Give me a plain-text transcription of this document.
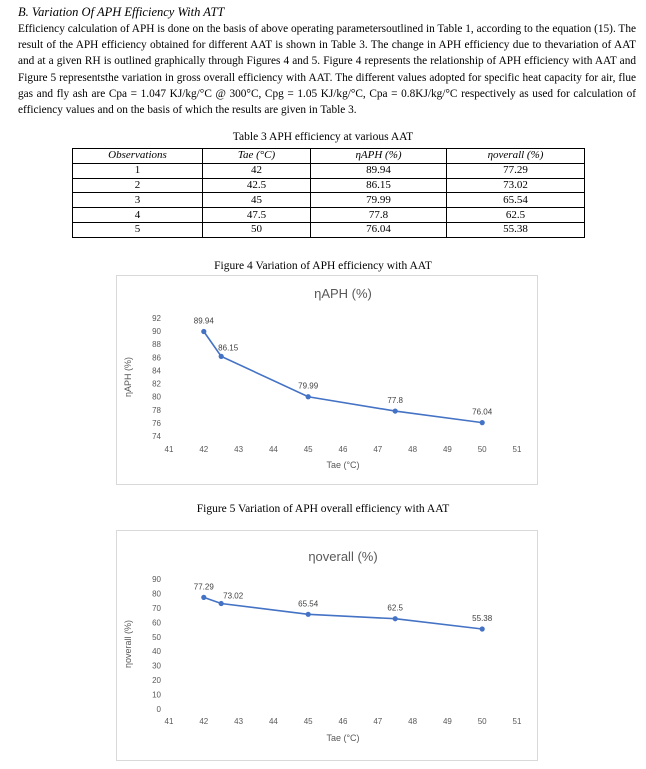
B. Variation Of APH Efficiency With ATT
Efficiency calculation of APH is done on the basis of above operating parametersoutlined in Table 1, according to the equation (15). The result of the APH efficiency obtained for different AAT is shown in Table 3. The change in APH efficiency due to thevariation of AAT and at a given RH is outlined graphically through Figures 4 and 5. Figure 4 represents the relationship of APH efficiency with AAT and Figure 5 representsthe variation in gross overall efficiency with AAT. The different values adopted for specific heat capacity for air, flue gas and fly ash are Cpa = 1.047 KJ/kg/°C @ 300°C, Cpg = 1.05 KJ/kg/°C, Cpa = 0.8KJ/kg/°C respectively as used for calculation of efficiency values and on the basis of which the results are given in Table 3.
Table 3 APH efficiency at various AAT
Observations	Tae (°C)	ηAPH (%)	ηoverall (%)
1	42	89.94	77.29
2	42.5	86.15	73.02
3	45	79.99	65.54
4	47.5	77.8	62.5
5	50	76.04	55.38
Figure 4 Variation of APH efficiency with AAT
ηAPH (%)
74
76
78
80
82
84
86
88
90
92
41	42	43	44	45	46	47	48	49	50	51
Tae (°C)
ηAPH (%)
89.94
86.15
79.99
77.8
76.04
Figure 5 Variation of APH overall efficiency with AAT
ηoverall (%)
0
10
20
30
40
50
60
70
80
90
41	42	43	44	45	46	47	48	49	50	51
Tae (°C)
ηoverall (%)
77.29
73.02
65.54	62.5
55.38
